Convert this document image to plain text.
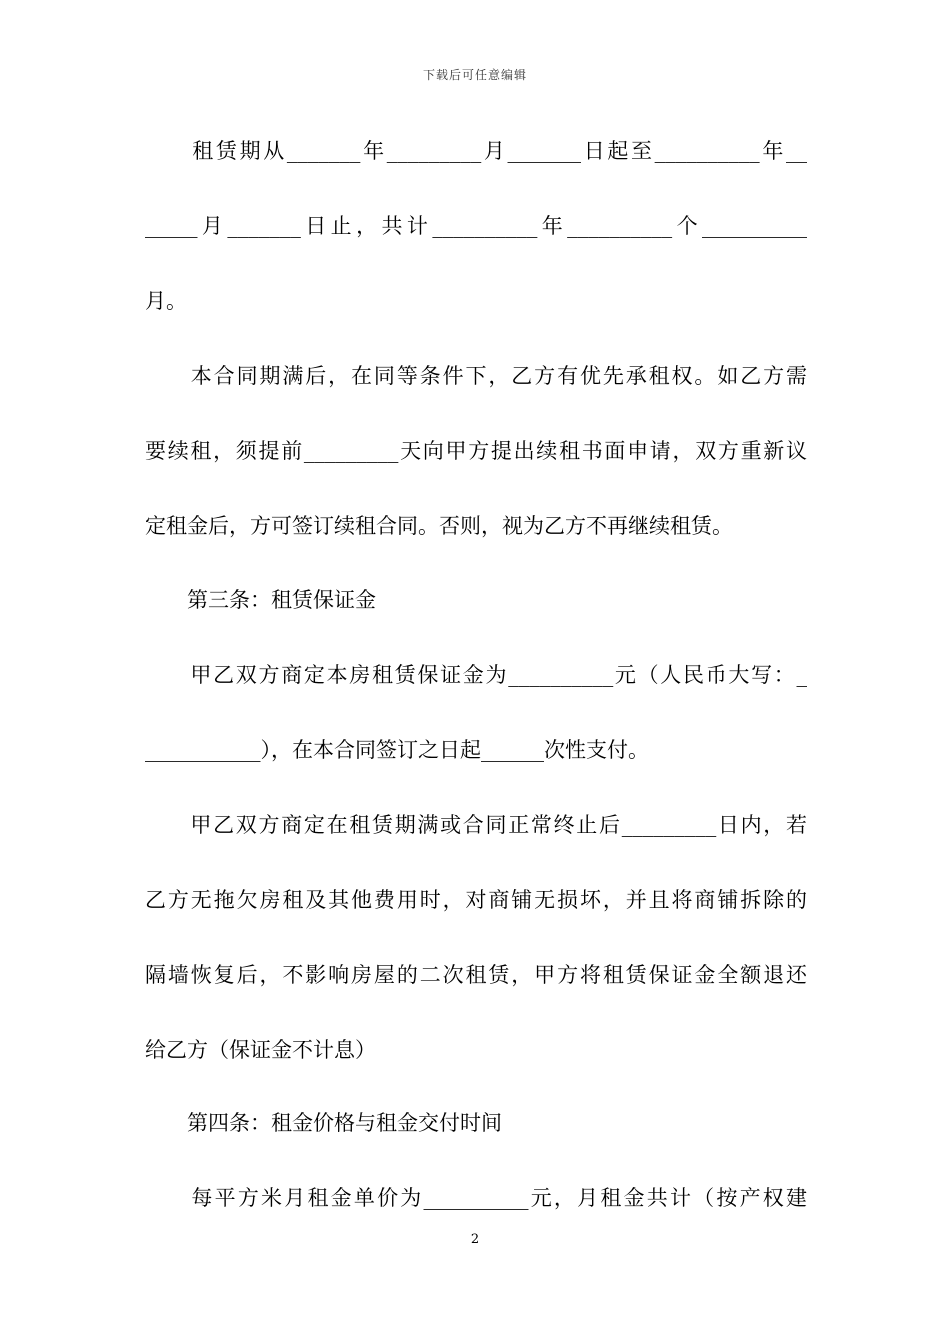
下载后可任意编辑
　　租赁期从_______年_________月_______日起至__________年__
_____月_______日止，共计__________年__________个__________
月。
　　本合同期满后，在同等条件下，乙方有优先承租权。如乙方需
要续租，须提前_________天向甲方提出续租书面申请，双方重新议
定租金后，方可签订续租合同。否则，视为乙方不再继续租赁。
　　第三条：租赁保证金
　　甲乙双方商定本房租赁保证金为__________元（人民币大写：_
___________），在本合同签订之日起______次性支付。
　　甲乙双方商定在租赁期满或合同正常终止后_________日内，若
乙方无拖欠房租及其他费用时，对商铺无损坏，并且将商铺拆除的
隔墙恢复后，不影响房屋的二次租赁，甲方将租赁保证金全额退还
给乙方（保证金不计息）
　　第四条：租金价格与租金交付时间
　　每平方米月租金单价为__________元，月租金共计（按产权建
2
